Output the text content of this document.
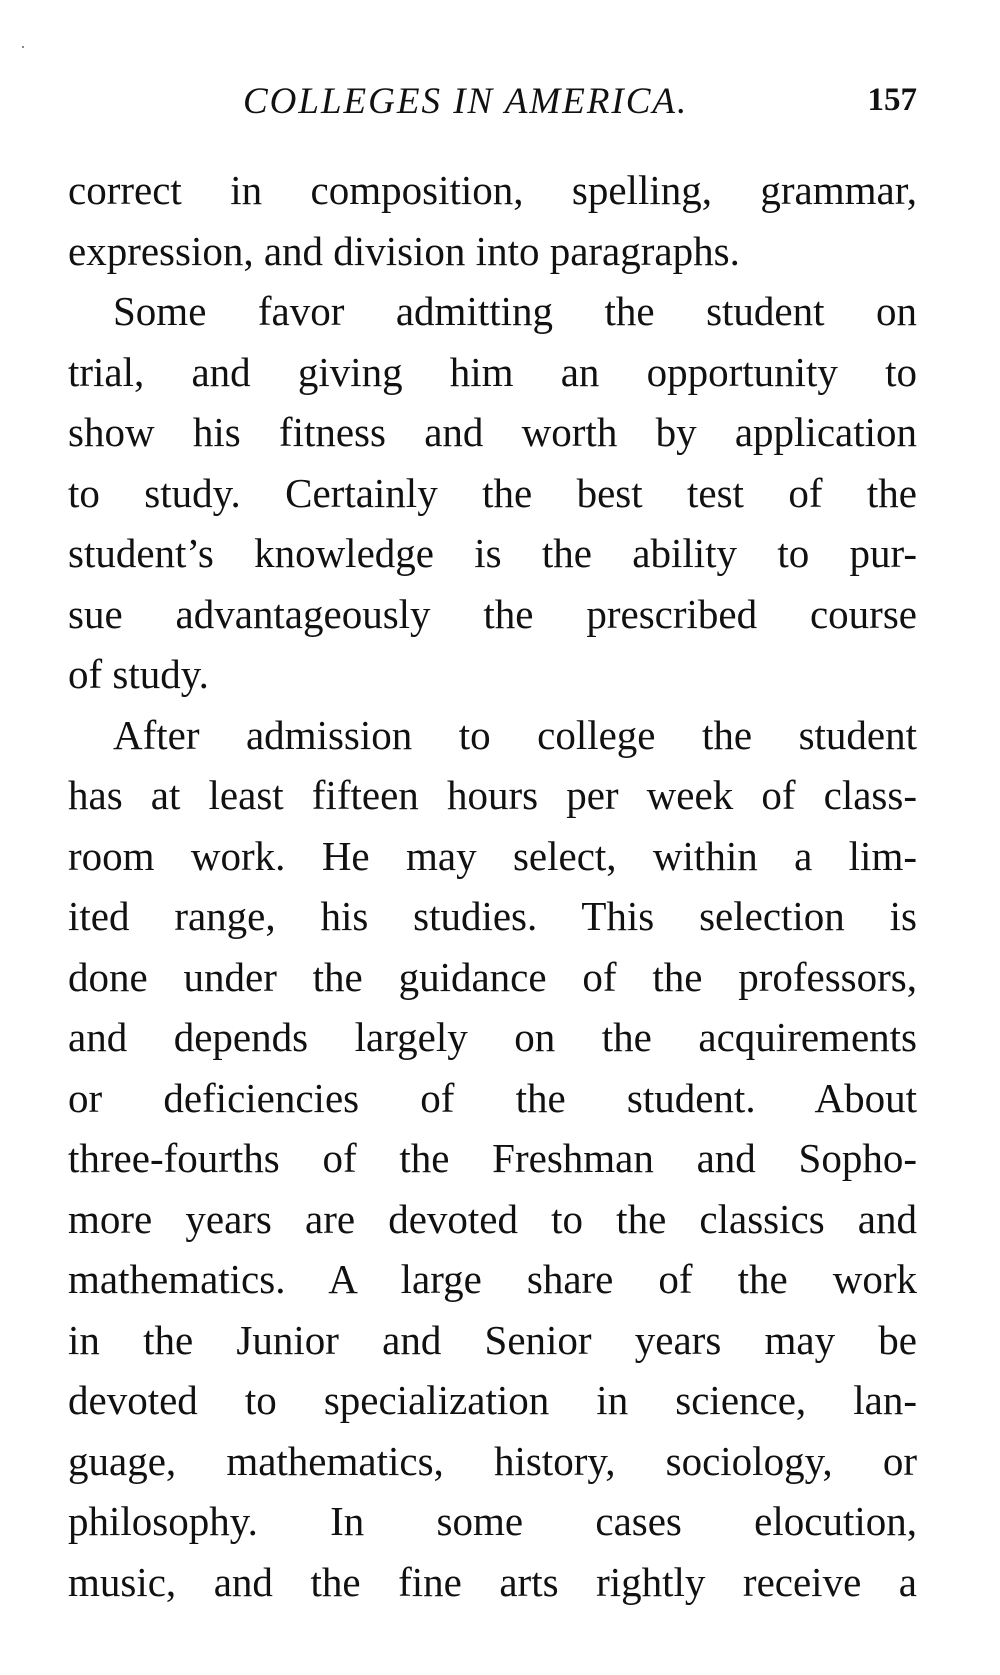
COLLEGES IN AMERICA.	157
correct in composition, spelling, grammar,
expression, and division into paragraphs.
Some favor admitting the student on
trial, and giving him an opportunity to
show his fitness and worth by application
to study. Certainly the best test of the
student’s knowledge is the ability to pur-
sue advantageously the prescribed course
of study.
After admission to college the student
has at least fifteen hours per week of class-
room work. He may select, within a lim-
ited range, his studies. This selection is
done under the guidance of the professors,
and depends largely on the acquirements
or deficiencies of the student. About
three-fourths of the Freshman and Sopho-
more years are devoted to the classics and
mathematics. A large share of the work
in the Junior and Senior years may be
devoted to specialization in science, lan-
guage, mathematics, history, sociology, or
philosophy. In some cases elocution,
music, and the fine arts rightly receive a
